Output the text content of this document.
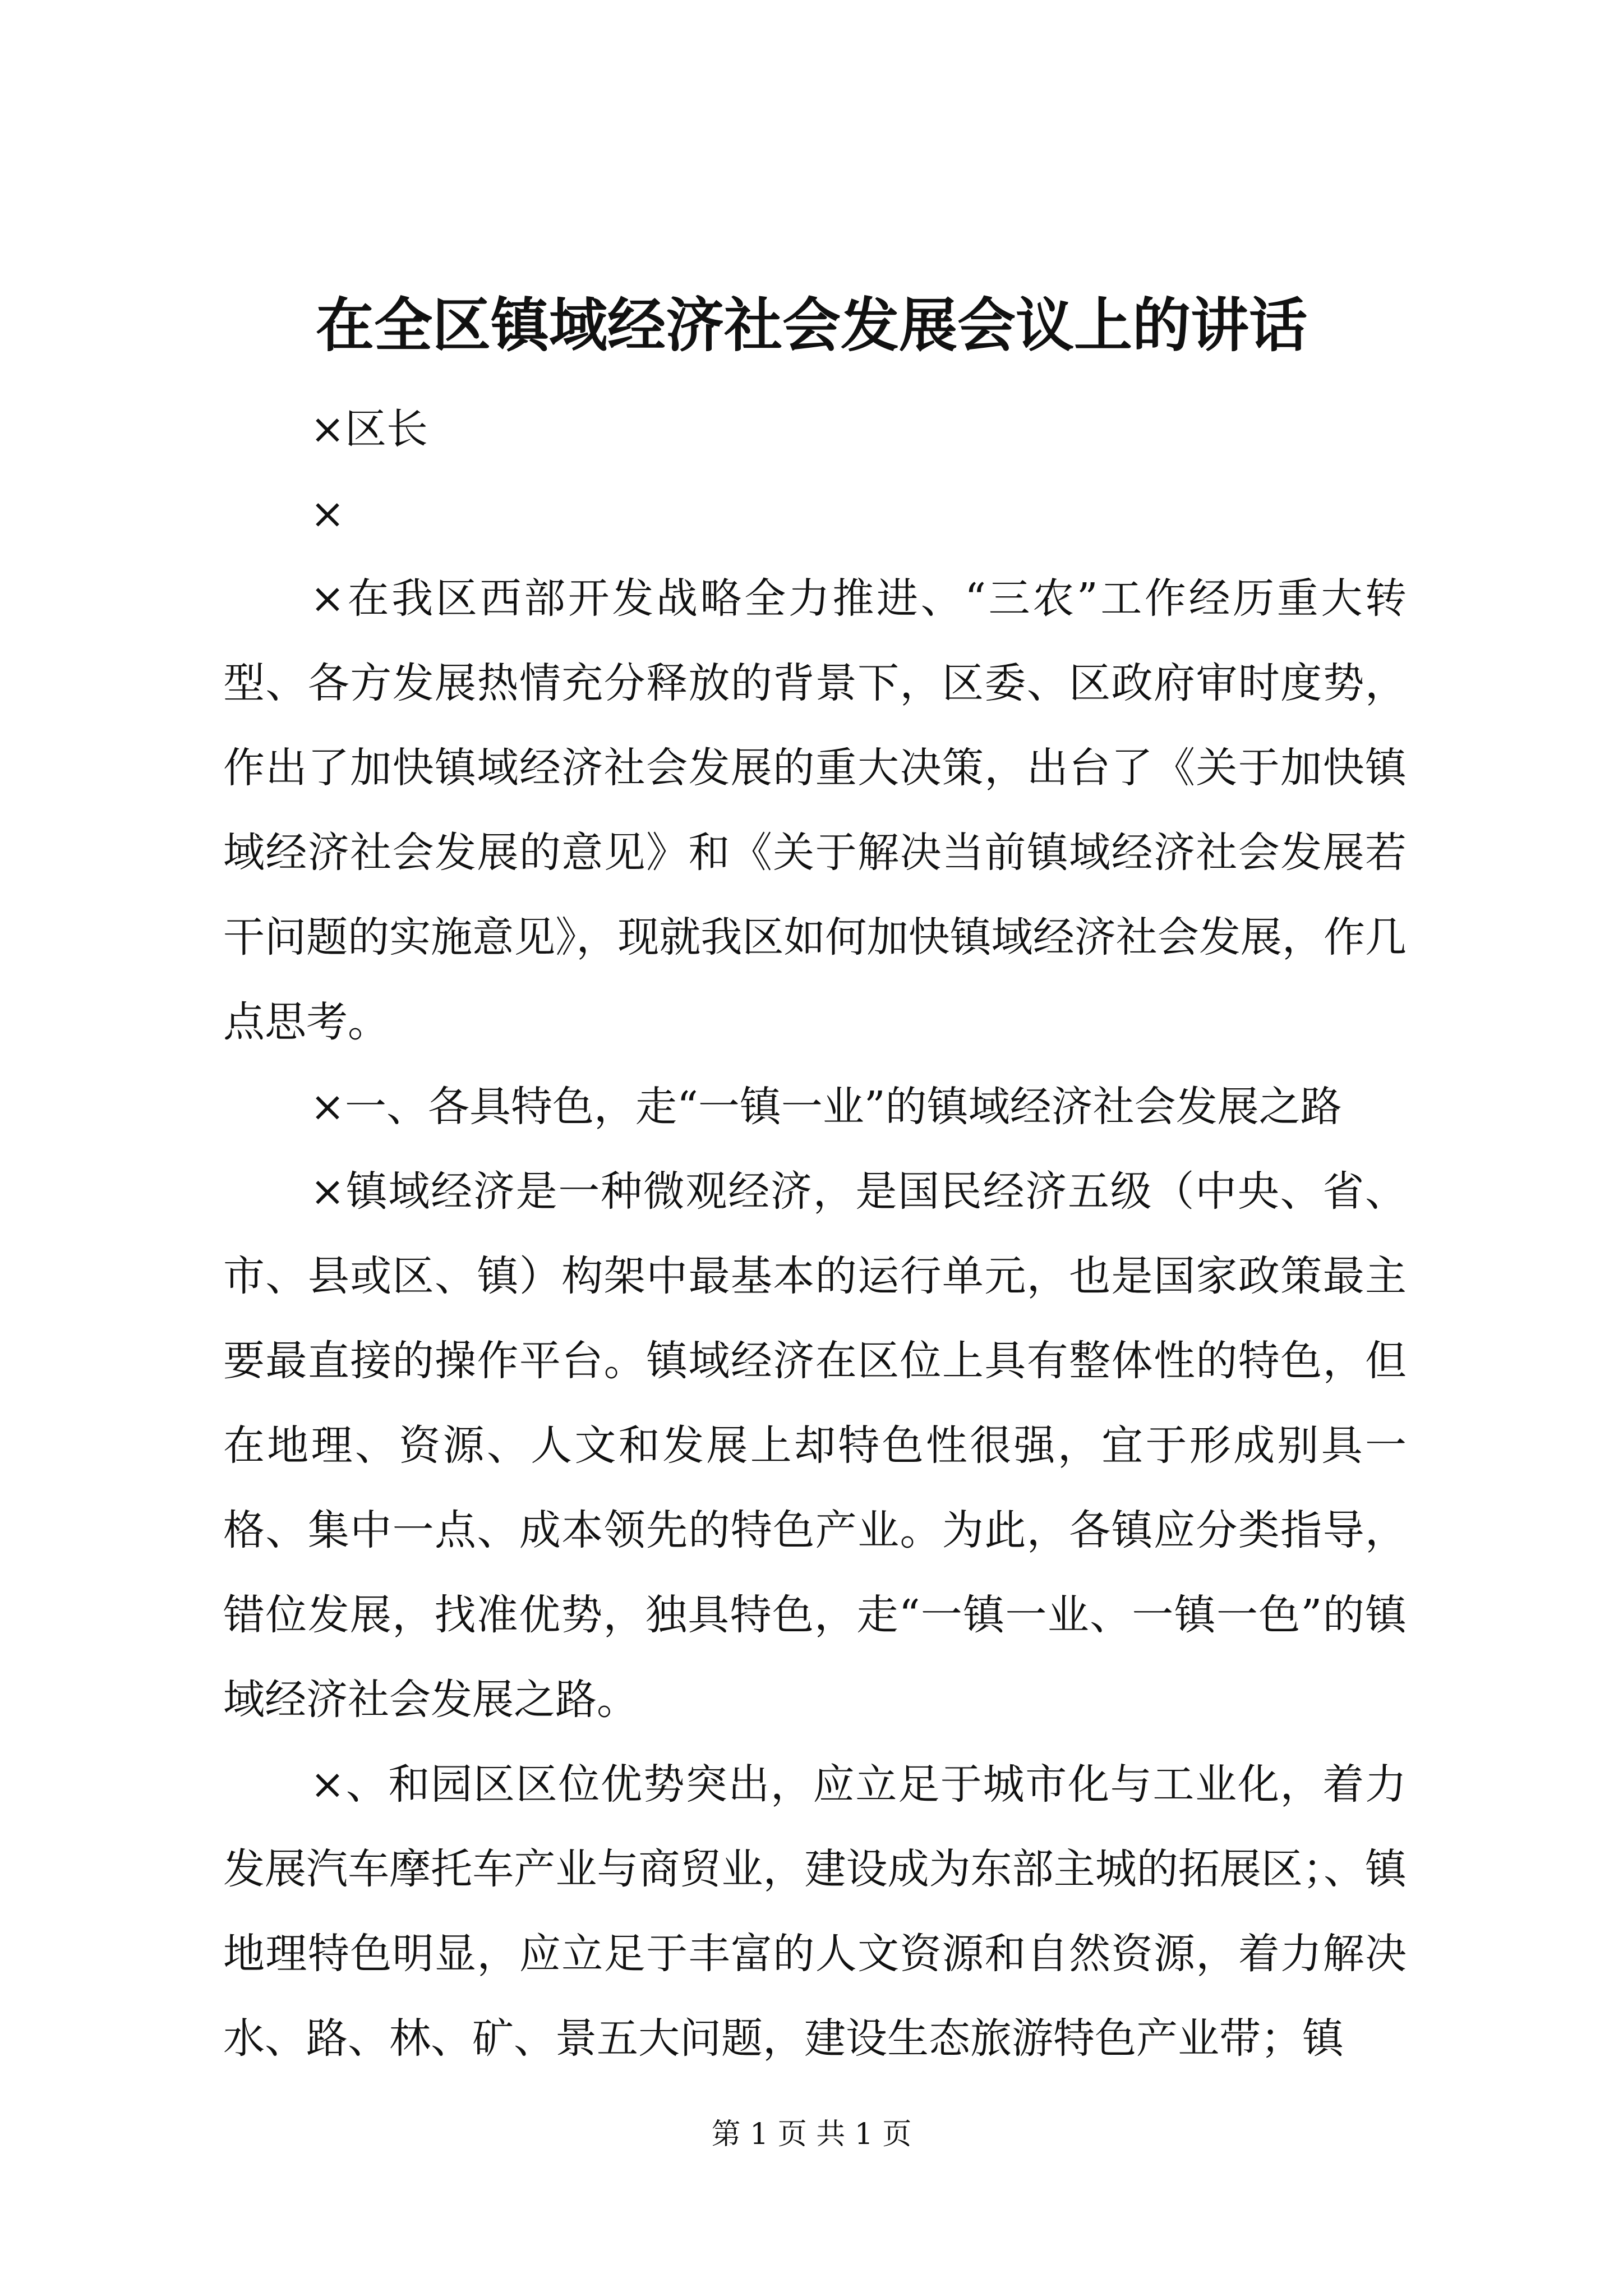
在全区镇域经济社会发展会议上的讲话

×区长

×

×在我区西部开发战略全力推进、“三农”工作经历重大转型、各方发展热情充分释放的背景下，区委、区政府审时度势，作出了加快镇域经济社会发展的重大决策，出台了《关于加快镇域经济社会发展的意见》和《关于解决当前镇域经济社会发展若干问题的实施意见》，现就我区如何加快镇域经济社会发展，作几点思考。

×一、各具特色，走“一镇一业”的镇域经济社会发展之路

×镇域经济是一种微观经济，是国民经济五级（中央、省、市、县或区、镇）构架中最基本的运行单元，也是国家政策最主要最直接的操作平台。镇域经济在区位上具有整体性的特色，但在地理、资源、人文和发展上却特色性很强，宜于形成别具一格、集中一点、成本领先的特色产业。为此，各镇应分类指导，错位发展，找准优势，独具特色，走“一镇一业、一镇一色”的镇域经济社会发展之路。

×、和园区区位优势突出，应立足于城市化与工业化，着力发展汽车摩托车产业与商贸业，建设成为东部主城的拓展区；、镇地理特色明显，应立足于丰富的人文资源和自然资源，着力解决水、路、林、矿、景五大问题，建设生态旅游特色产业带；镇

第 1 页 共 1 页
